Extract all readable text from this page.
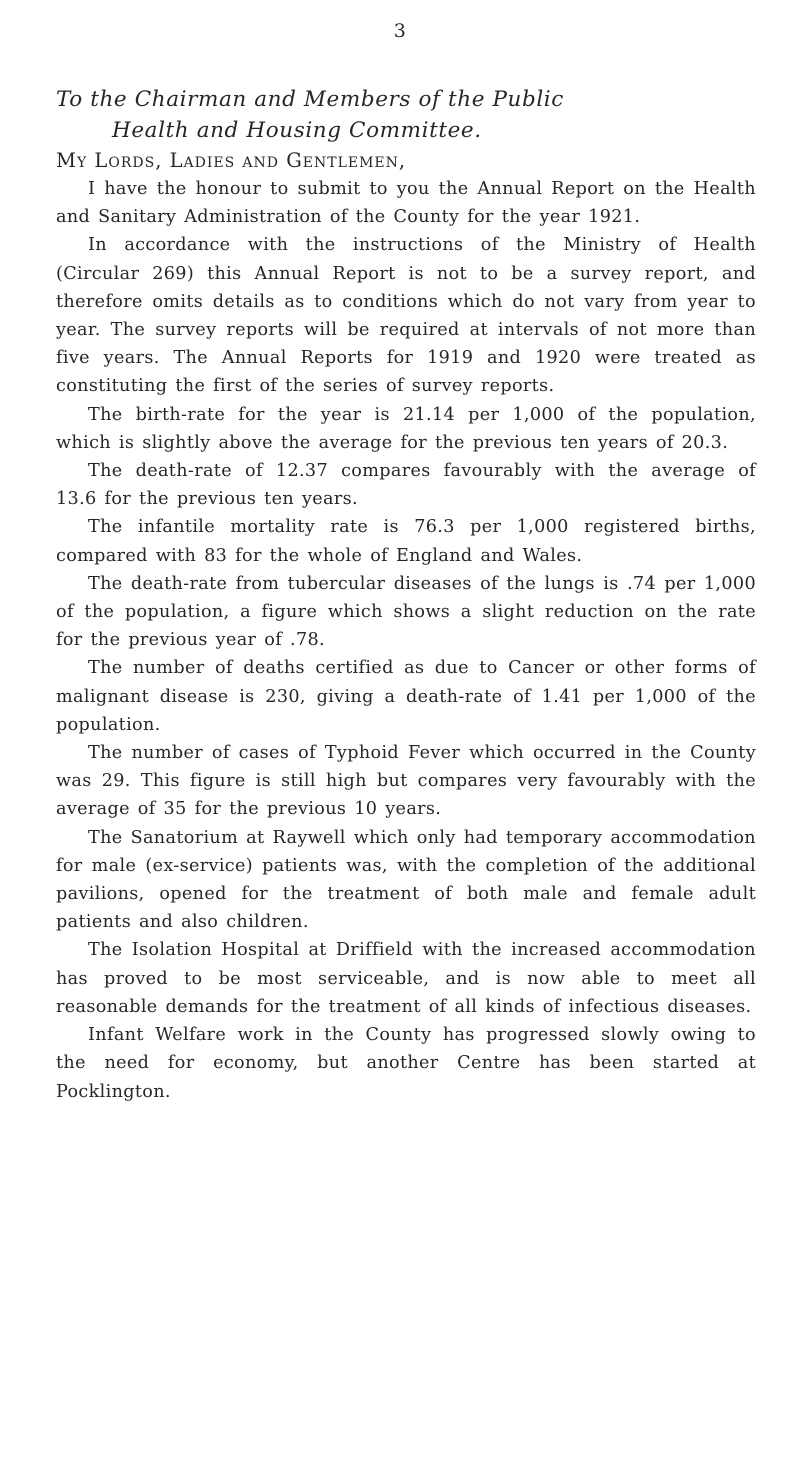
3
To the Chairman and Members of the Public
Health and Housing Committee.

My Lords, Ladies and Gentlemen,

I have the honour to submit to you the Annual Report on the Health and Sanitary Administration of the County for the year 1921.

In accordance with the instructions of the Ministry of Health (Circular 269) this Annual Report is not to be a survey report, and therefore omits details as to conditions which do not vary from year to year. The survey reports will be required at intervals of not more than five years. The Annual Reports for 1919 and 1920 were treated as constituting the first of the series of survey reports.

The birth-rate for the year is 21.14 per 1,000 of the population, which is slightly above the average for the previous ten years of 20.3.

The death-rate of 12.37 compares favourably with the average of 13.6 for the previous ten years.

The infantile mortality rate is 76.3 per 1,000 registered births, compared with 83 for the whole of England and Wales.

The death-rate from tubercular diseases of the lungs is .74 per 1,000 of the population, a figure which shows a slight reduction on the rate for the previous year of .78.

The number of deaths certified as due to Cancer or other forms of malignant disease is 230, giving a death-rate of 1.41 per 1,000 of the population.

The number of cases of Typhoid Fever which occurred in the County was 29. This figure is still high but compares very favourably with the average of 35 for the previous 10 years.

The Sanatorium at Raywell which only had temporary accommodation for male (ex-service) patients was, with the completion of the additional pavilions, opened for the treatment of both male and female adult patients and also children.

The Isolation Hospital at Driffield with the increased accommodation has proved to be most serviceable, and is now able to meet all reasonable demands for the treatment of all kinds of infectious diseases.

Infant Welfare work in the County has progressed slowly owing to the need for economy, but another Centre has been started at Pocklington.
